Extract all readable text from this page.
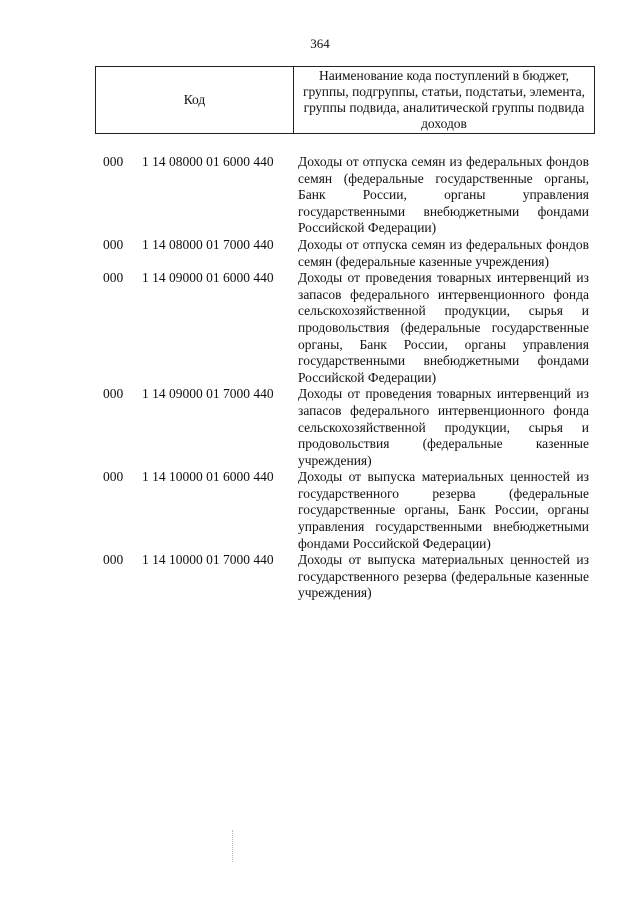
364
Код
Наименование кода поступлений в бюджет, группы, подгруппы, статьи, подстатьи, элемента, группы подвида, аналитической группы подвида доходов
000 1 14 08000 01 6000 440 Доходы от отпуска семян из федеральных фондов семян (федеральные государственные органы, Банк России, органы управления государственными внебюджетными фондами Российской Федерации)
000 1 14 08000 01 7000 440 Доходы от отпуска семян из федеральных фондов семян (федеральные казенные учреждения)
000 1 14 09000 01 6000 440 Доходы от проведения товарных интервенций из запасов федерального интервенционного фонда сельскохозяйственной продукции, сырья и продовольствия (федеральные государственные органы, Банк России, органы управления государственными внебюджетными фондами Российской Федерации)
000 1 14 09000 01 7000 440 Доходы от проведения товарных интервенций из запасов федерального интервенционного фонда сельскохозяйственной продукции, сырья и продовольствия (федеральные казенные учреждения)
000 1 14 10000 01 6000 440 Доходы от выпуска материальных ценностей из государственного резерва (федеральные государственные органы, Банк России, органы управления государственными внебюджетными фондами Российской Федерации)
000 1 14 10000 01 7000 440 Доходы от выпуска материальных ценностей из государственного резерва (федеральные казенные учреждения)
